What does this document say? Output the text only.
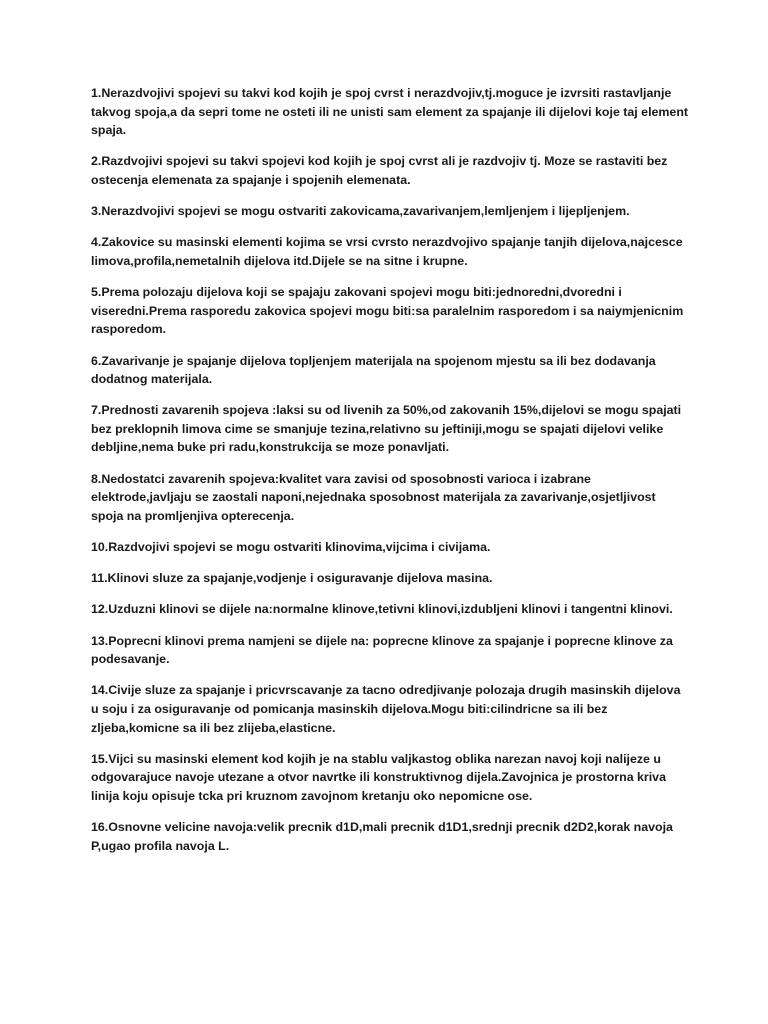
1.Nerazdvojivi spojevi su takvi kod kojih je spoj cvrst i nerazdvojiv,tj.moguce je izvrsiti rastavljanje takvog spoja,a da sepri tome ne osteti ili ne unisti sam element za spajanje ili dijelovi koje taj element spaja.

2.Razdvojivi spojevi su takvi spojevi kod kojih je spoj cvrst ali je razdvojiv tj. Moze se rastaviti bez ostecenja elemenata za spajanje i spojenih elemenata.

3.Nerazdvojivi spojevi se mogu ostvariti zakovicama,zavarivanjem,lemljenjem i lijepljenjem.

4.Zakovice su masinski elementi kojima se vrsi cvrsto nerazdvojivo spajanje tanjih dijelova,najcesce limova,profila,nemetalnih dijelova itd.Dijele se na sitne i krupne.

5.Prema polozaju dijelova koji se spajaju zakovani spojevi mogu biti:jednoredni,dvoredni i viseredni.Prema rasporedu zakovica spojevi mogu biti:sa paralelnim rasporedom i sa naiymjenicnim rasporedom.

6.Zavarivanje je spajanje dijelova topljenjem materijala na spojenom mjestu sa ili bez dodavanja dodatnog materijala.

7.Prednosti zavarenih spojeva :laksi su od livenih za 50%,od zakovanih 15%,dijelovi se mogu spajati bez preklopnih limova cime se smanjuje tezina,relativno su jeftiniji,mogu se spajati dijelovi velike debljine,nema buke pri radu,konstrukcija se moze ponavljati.

8.Nedostatci zavarenih spojeva:kvalitet vara zavisi od sposobnosti varioca i izabrane elektrode,javljaju se zaostali naponi,nejednaka sposobnost materijala za zavarivanje,osjetljivost spoja na promljenjiva opterecenja.

10.Razdvojivi spojevi se mogu ostvariti klinovima,vijcima i civijama.

11.Klinovi sluze za spajanje,vodjenje i osiguravanje dijelova masina.

12.Uzduzni klinovi se dijele na:normalne klinove,tetivni klinovi,izdubljeni klinovi i tangentni klinovi.

13.Poprecni klinovi prema namjeni se dijele na: poprecne klinove za spajanje i poprecne klinove za podesavanje.

14.Civije sluze za spajanje i pricvrscavanje za tacno odredjivanje polozaja drugih masinskih dijelova u soju i za osiguravanje od pomicanja masinskih dijelova.Mogu biti:cilindricne sa ili bez zljeba,komicne sa ili bez zlijeba,elasticne.

15.Vijci su masinski element kod kojih je na stablu valjkastog oblika narezan navoj koji nalijeze u odgovarajuce navoje utezane a otvor navrtke ili konstruktivnog dijela.Zavojnica je prostorna kriva linija koju opisuje tcka pri kruznom zavojnom kretanju oko nepomicne ose.

16.Osnovne velicine navoja:velik precnik d1D,mali precnik d1D1,srednji precnik d2D2,korak navoja P,ugao profila navoja L.
